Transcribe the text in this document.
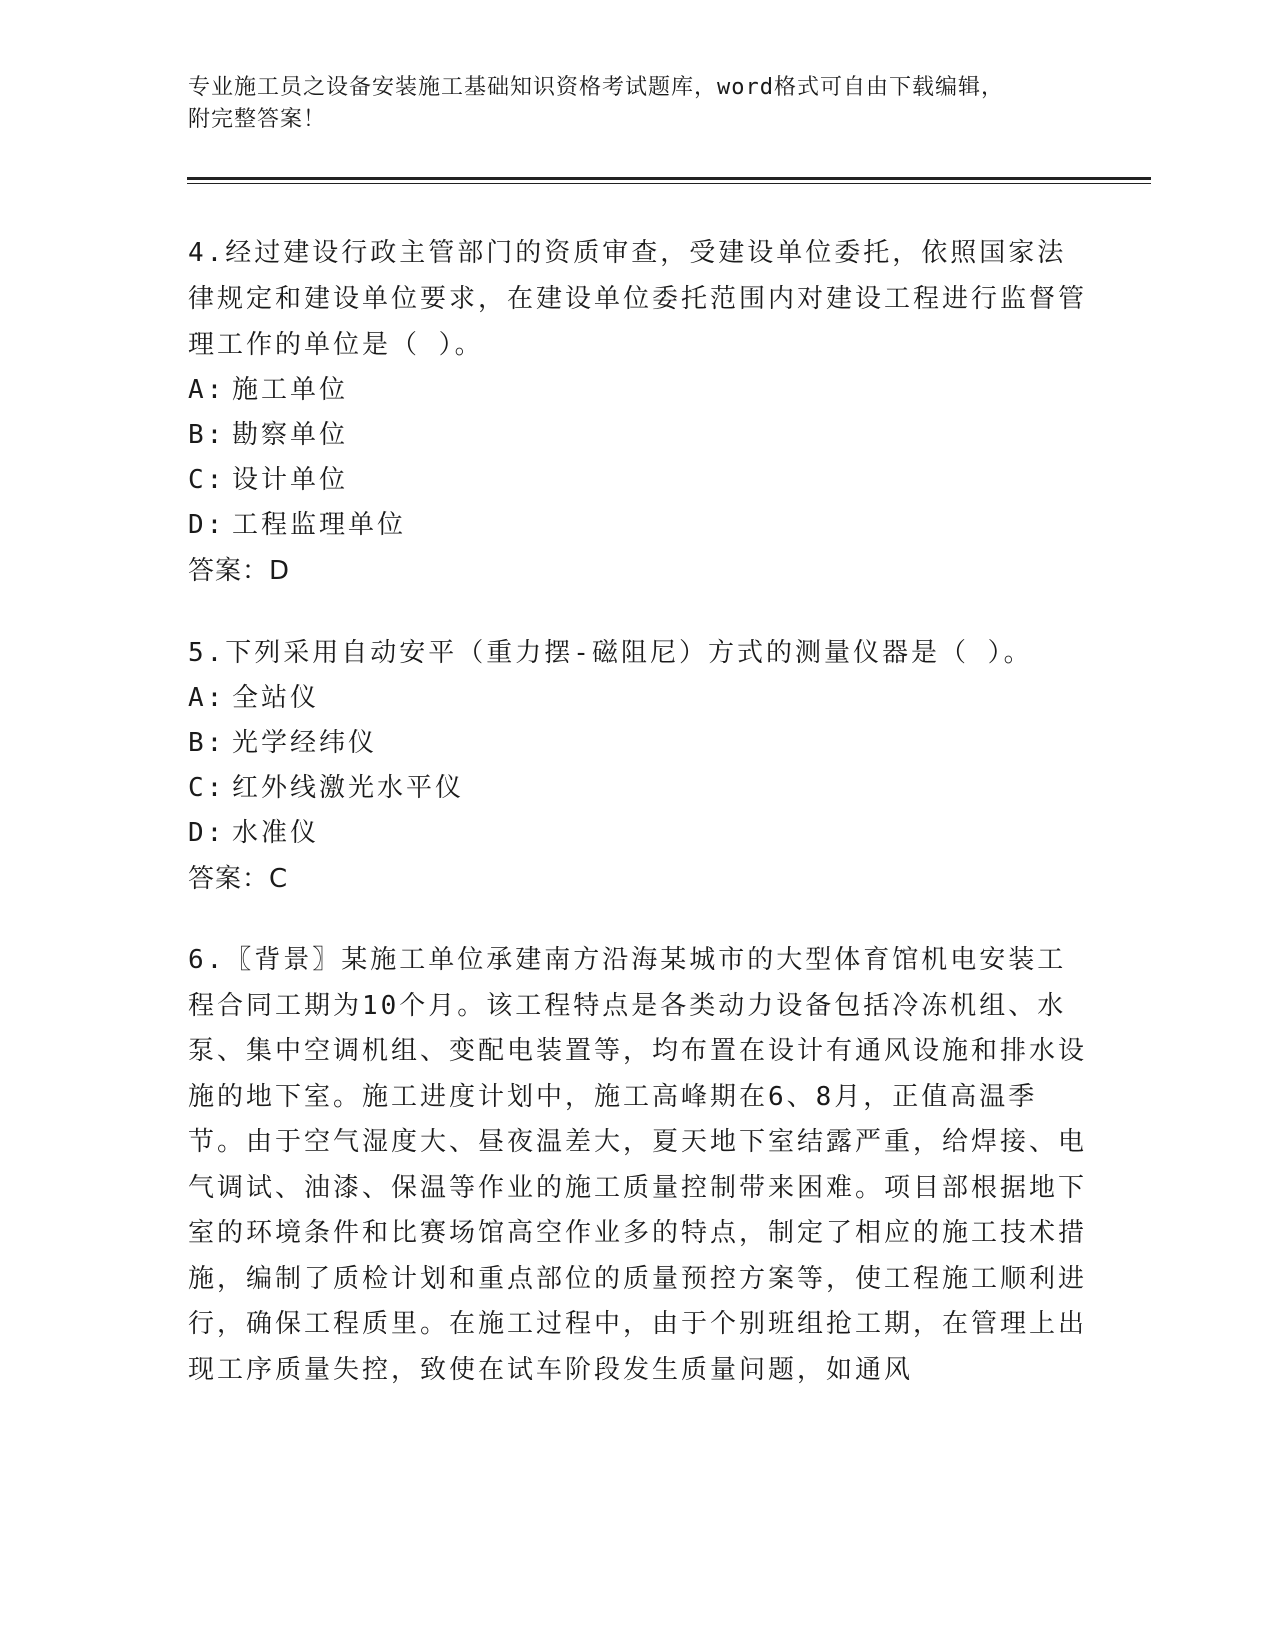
专业施工员之设备安装施工基础知识资格考试题库，word格式可自由下载编辑，
附完整答案！

4.经过建设行政主管部门的资质审查，受建设单位委托，依照国家法律规定和建设单位要求，在建设单位委托范围内对建设工程进行监督管理工作的单位是（ ）。

A: 施工单位
B: 勘察单位
C: 设计单位
D: 工程监理单位

答案：D

5.下列采用自动安平（重力摆-磁阻尼）方式的测量仪器是（ ）。

A: 全站仪
B: 光学经纬仪
C: 红外线激光水平仪
D: 水准仪

答案：C

6.〖背景〗某施工单位承建南方沿海某城市的大型体育馆机电安装工程合同工期为10个月。该工程特点是各类动力设备包括冷冻机组、水泵、集中空调机组、变配电装置等，均布置在设计有通风设施和排水设施的地下室。施工进度计划中，施工高峰期在6、8月，正值高温季节。由于空气湿度大、昼夜温差大，夏天地下室结露严重，给焊接、电气调试、油漆、保温等作业的施工质量控制带来困难。项目部根据地下室的环境条件和比赛场馆高空作业多的特点，制定了相应的施工技术措施，编制了质检计划和重点部位的质量预控方案等，使工程施工顺利进行，确保工程质里。在施工过程中，由于个别班组抢工期，在管理上出现工序质量失控，致使在试车阶段发生质量问题，如通风
